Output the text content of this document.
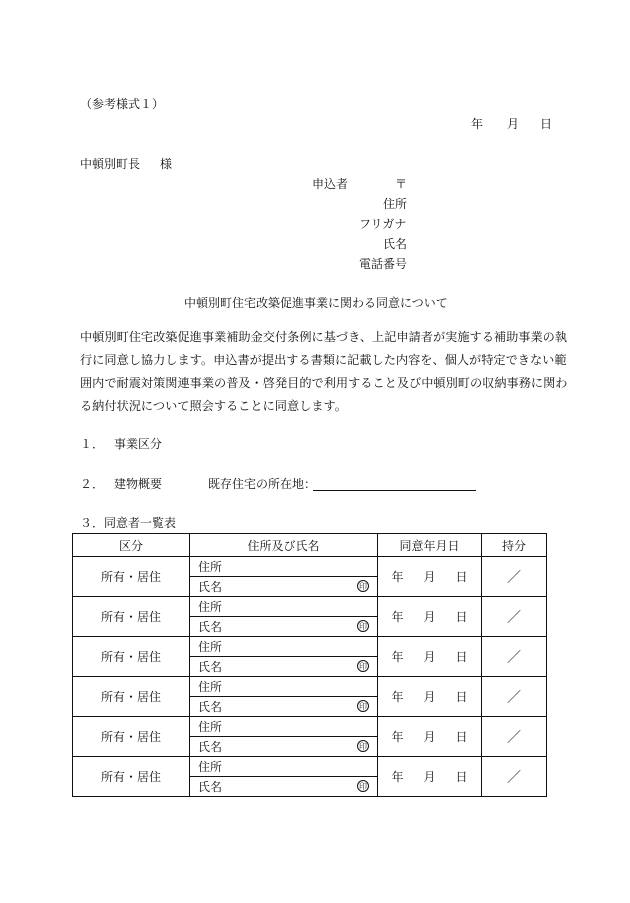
（参考様式１）
年 月 日
中頓別町長 様
申込者	〒
住所
フリガナ
氏名
電話番号
中頓別町住宅改築促進事業に関わる同意について
中頓別町住宅改築促進事業補助金交付条例に基づき、上記申請者が実施する補助事業の執
行に同意し協力します。申込書が提出する書類に記載した内容を、個人が特定できない範
囲内で耐震対策関連事業の普及・啓発目的で利用すること及び中頓別町の収納事務に関わ
る納付状況について照会することに同意します。
１． 事業区分
２． 建物概要	既存住宅の所在地：
３．同意者一覧表
区分	住所及び氏名	同意年月日	持分
所有・居住	住所	年 月 日	／
	氏名 印		

所有・居住	住所	年 月 日	／
	氏名 印		

所有・居住	住所	年 月 日	／
	氏名 印		

所有・居住	住所	年 月 日	／
	氏名 印		

所有・居住	住所	年 月 日	／
	氏名 印		

所有・居住	住所	年 月 日	／
	氏名 印		
